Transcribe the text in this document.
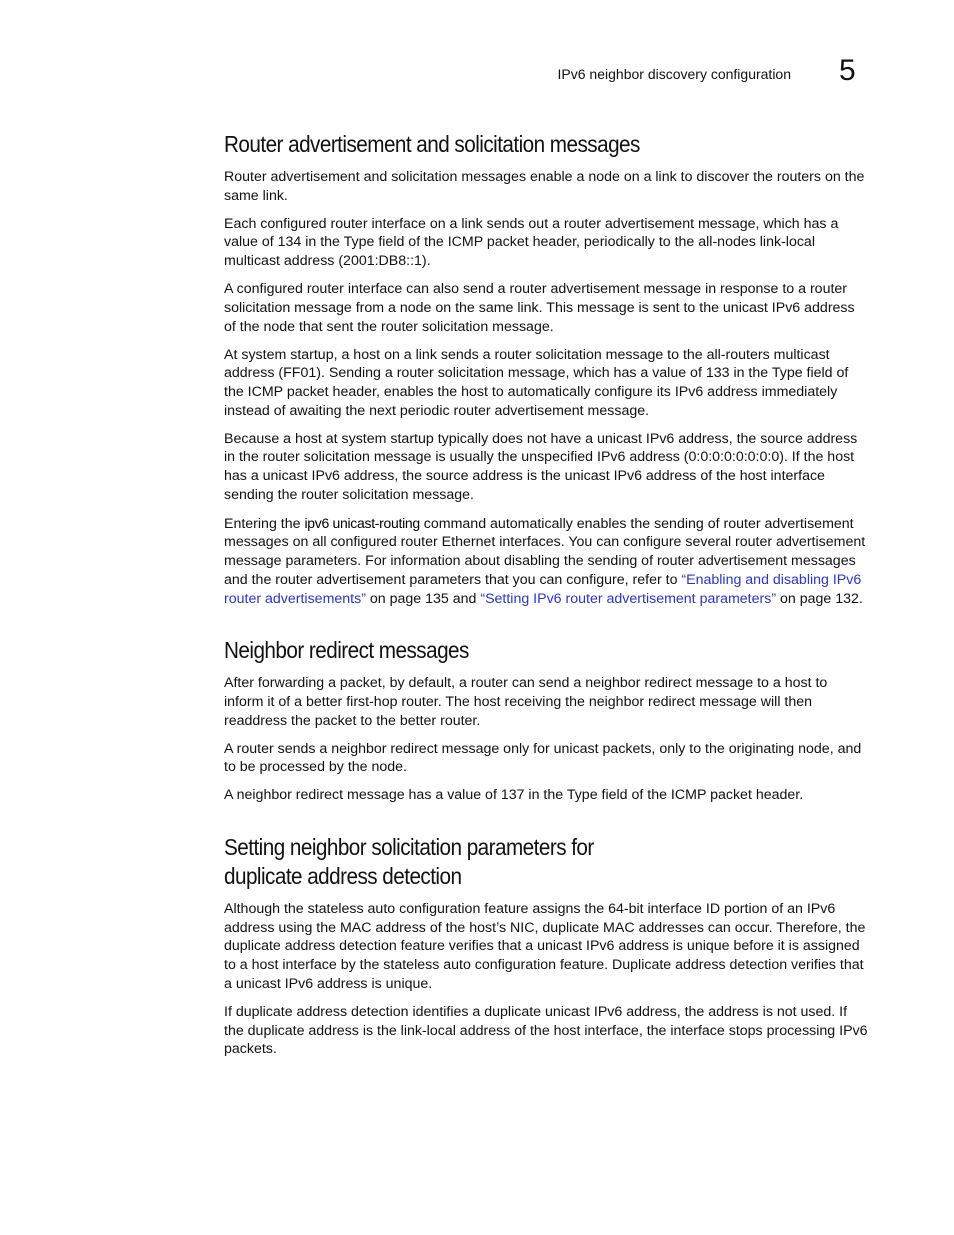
IPv6 neighbor discovery configuration 5
Router advertisement and solicitation messages

Router advertisement and solicitation messages enable a node on a link to discover the routers on the same link.

Each configured router interface on a link sends out a router advertisement message, which has a value of 134 in the Type field of the ICMP packet header, periodically to the all-nodes link-local multicast address (2001:DB8::1).

A configured router interface can also send a router advertisement message in response to a router solicitation message from a node on the same link. This message is sent to the unicast IPv6 address of the node that sent the router solicitation message.

At system startup, a host on a link sends a router solicitation message to the all-routers multicast address (FF01). Sending a router solicitation message, which has a value of 133 in the Type field of the ICMP packet header, enables the host to automatically configure its IPv6 address immediately instead of awaiting the next periodic router advertisement message.

Because a host at system startup typically does not have a unicast IPv6 address, the source address in the router solicitation message is usually the unspecified IPv6 address (0:0:0:0:0:0:0:0). If the host has a unicast IPv6 address, the source address is the unicast IPv6 address of the host interface sending the router solicitation message.

Entering the ipv6 unicast-routing command automatically enables the sending of router advertisement messages on all configured router Ethernet interfaces. You can configure several router advertisement message parameters. For information about disabling the sending of router advertisement messages and the router advertisement parameters that you can configure, refer to “Enabling and disabling IPv6 router advertisements” on page 135 and “Setting IPv6 router advertisement parameters” on page 132.

Neighbor redirect messages

After forwarding a packet, by default, a router can send a neighbor redirect message to a host to inform it of a better first-hop router. The host receiving the neighbor redirect message will then readdress the packet to the better router.

A router sends a neighbor redirect message only for unicast packets, only to the originating node, and to be processed by the node.

A neighbor redirect message has a value of 137 in the Type field of the ICMP packet header.

Setting neighbor solicitation parameters for
duplicate address detection

Although the stateless auto configuration feature assigns the 64-bit interface ID portion of an IPv6 address using the MAC address of the host’s NIC, duplicate MAC addresses can occur. Therefore, the duplicate address detection feature verifies that a unicast IPv6 address is unique before it is assigned to a host interface by the stateless auto configuration feature. Duplicate address detection verifies that a unicast IPv6 address is unique.

If duplicate address detection identifies a duplicate unicast IPv6 address, the address is not used. If the duplicate address is the link-local address of the host interface, the interface stops processing IPv6 packets.
